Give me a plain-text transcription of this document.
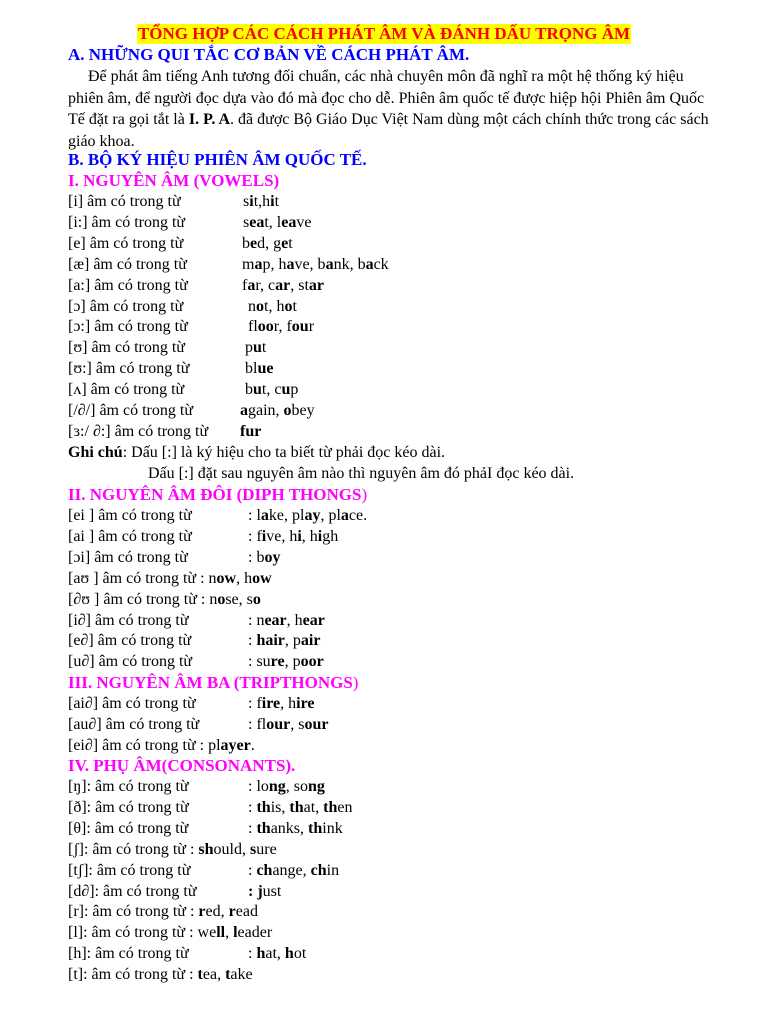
TỔNG HỢP CÁC CÁCH PHÁT ÂM VÀ ĐÁNH DẤU TRỌNG ÂM
A. NHỮNG QUI TẮC CƠ BẢN VỀ CÁCH PHÁT ÂM.
Để phát âm tiếng Anh tương đối chuẩn, các nhà chuyên môn đã nghĩ ra một hệ thống ký hiệu phiên âm, để người đọc dựa vào đó mà đọc cho dễ. Phiên âm quốc tế được hiệp hội Phiên âm Quốc Tế đặt ra gọi tắt là I. P. A. đã được Bộ Giáo Dục Việt Nam dùng một cách chính thức trong các sách giáo khoa.
B. BỘ KÝ HIỆU PHIÊN ÂM QUỐC TẾ.
I. NGUYÊN ÂM (VOWELS)
[i] âm có trong từ	sit,hit
[i:] âm có trong từ	seat, leave
[e] âm có trong từ	bed, get
[æ] âm có trong từ	map, have, bank, back
[a:] âm có trong từ	far, car, star
[ɔ] âm có trong từ	not, hot
[ɔ:] âm có trong từ	floor, four
[ʊ] âm có trong từ	put
[ʊ:] âm có trong từ	blue
[ʌ] âm có trong từ	but, cup
[/∂/] âm có trong từ	again, obey
[ɜ:/ ∂:] âm có trong từ fur
Ghi chú: Dấu [:] là ký hiệu cho ta biết từ phải đọc kéo dài.
Dấu [:] đặt sau nguyên âm nào thì nguyên âm đó phảI đọc kéo dài.
II. NGUYÊN ÂM ĐÔI (DIPH THONGS)
[ei ] âm có trong từ	: lake, play, place.
[ai ] âm có trong từ	: five, hi, high
[ɔi] âm có trong từ	: boy
[aʊ ] âm có trong từ : now, how
[∂ʊ ] âm có trong từ : nose, so
[i∂] âm có trong từ	: near, hear
[e∂] âm có trong từ	: hair, pair
[u∂] âm có trong từ	: sure, poor
III. NGUYÊN ÂM BA (TRIPTHONGS)
[ai∂] âm có trong từ	: fire, hire
[au∂] âm có trong từ	: flour, sour
[ei∂] âm có trong từ : player.
IV. PHỤ ÂM(CONSONANTS).
[ŋ]: âm có trong từ	: long, song
[ð]: âm có trong từ	: this, that, then
[θ]: âm có trong từ	: thanks, think
[ʃ]: âm có trong từ : should, sure
[tʃ]: âm có trong từ	: change, chin
[d∂]: âm có trong từ	: just
[r]: âm có trong từ : red, read
[l]: âm có trong từ : well, leader
[h]: âm có trong từ	: hat, hot
[t]: âm có trong từ : tea, take
